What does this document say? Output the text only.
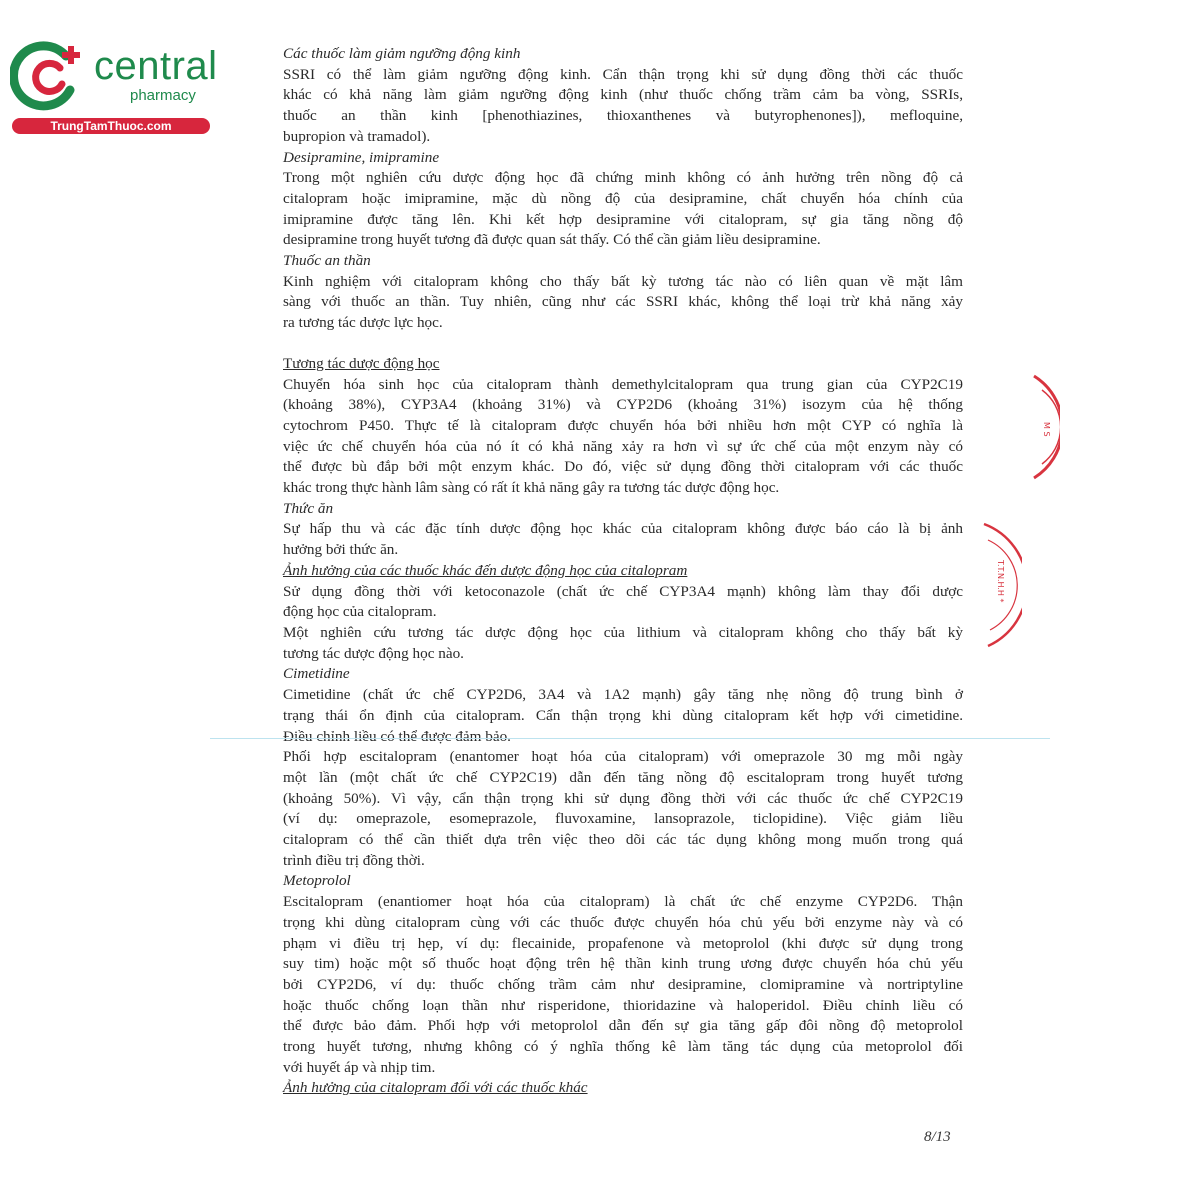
central
pharmacy
TrungTamThuoc.com
Các thuốc làm giảm ngưỡng động kinh
SSRI có thể làm giảm ngưỡng động kinh. Cẩn thận trọng khi sử dụng đồng thời các thuốc
khác có khả năng làm giảm ngưỡng động kinh (như thuốc chống trầm cảm ba vòng, SSRIs,
thuốc an thần kinh [phenothiazines, thioxanthenes và butyrophenones]), mefloquine,
bupropion và tramadol).
Desipramine, imipramine
Trong một nghiên cứu dược động học đã chứng minh không có ảnh hưởng trên nồng độ cả
citalopram hoặc imipramine, mặc dù nồng độ của desipramine, chất chuyển hóa chính của
imipramine được tăng lên. Khi kết hợp desipramine với citalopram, sự gia tăng nồng độ
desipramine trong huyết tương đã được quan sát thấy. Có thể cần giảm liều desipramine.
Thuốc an thần
Kinh nghiệm với citalopram không cho thấy bất kỳ tương tác nào có liên quan về mặt lâm
sàng với thuốc an thần. Tuy nhiên, cũng như các SSRI khác, không thể loại trừ khả năng xảy
ra tương tác dược lực học.
Tương tác dược động học
Chuyển hóa sinh học của citalopram thành demethylcitalopram qua trung gian của CYP2C19
(khoảng 38%), CYP3A4 (khoảng 31%) và CYP2D6 (khoảng 31%) isozym của hệ thống
cytochrom P450. Thực tế là citalopram được chuyển hóa bởi nhiều hơn một CYP có nghĩa là
việc ức chế chuyển hóa của nó ít có khả năng xảy ra hơn vì sự ức chế của một enzym này có
thể được bù đắp bởi một enzym khác. Do đó, việc sử dụng đồng thời citalopram với các thuốc
khác trong thực hành lâm sàng có rất ít khả năng gây ra tương tác dược động học.
Thức ăn
Sự hấp thu và các đặc tính dược động học khác của citalopram không được báo cáo là bị ảnh
hưởng bởi thức ăn.
Ảnh hưởng của các thuốc khác đến dược động học của citalopram
Sử dụng đồng thời với ketoconazole (chất ức chế CYP3A4 mạnh) không làm thay đổi dược
động học của citalopram.
Một nghiên cứu tương tác dược động học của lithium và citalopram không cho thấy bất kỳ
tương tác dược động học nào.
Cimetidine
Cimetidine (chất ức chế CYP2D6, 3A4 và 1A2 mạnh) gây tăng nhẹ nồng độ trung bình ở
trạng thái ổn định của citalopram. Cẩn thận trọng khi dùng citalopram kết hợp với cimetidine.
Điều chỉnh liều có thể được đảm bảo.
Phối hợp escitalopram (enantomer hoạt hóa của citalopram) với omeprazole 30 mg mỗi ngày
một lần (một chất ức chế CYP2C19) dẫn đến tăng nồng độ escitalopram trong huyết tương
(khoảng 50%). Vì vậy, cẩn thận trọng khi sử dụng đồng thời với các thuốc ức chế CYP2C19
(ví dụ: omeprazole, esomeprazole, fluvoxamine, lansoprazole, ticlopidine). Việc giảm liều
citalopram có thể cần thiết dựa trên việc theo dõi các tác dụng không mong muốn trong quá
trình điều trị đồng thời.
Metoprolol
Escitalopram (enantiomer hoạt hóa của citalopram) là chất ức chế enzyme CYP2D6. Thận
trọng khi dùng citalopram cùng với các thuốc được chuyển hóa chủ yếu bởi enzyme này và có
phạm vi điều trị hẹp, ví dụ: flecainide, propafenone và metoprolol (khi được sử dụng trong
suy tim) hoặc một số thuốc hoạt động trên hệ thần kinh trung ương được chuyển hóa chủ yếu
bởi CYP2D6, ví dụ: thuốc chống trầm cảm như desipramine, clomipramine và nortriptyline
hoặc thuốc chống loạn thần như risperidone, thioridazine và haloperidol. Điều chỉnh liều có
thể được bảo đảm. Phối hợp với metoprolol dẫn đến sự gia tăng gấp đôi nồng độ metoprolol
trong huyết tương, nhưng không có ý nghĩa thống kê làm tăng tác dụng của metoprolol đối
với huyết áp và nhịp tim.
Ảnh hưởng của citalopram đối với các thuốc khác
M S
T.T.N.H.H *
8/13
